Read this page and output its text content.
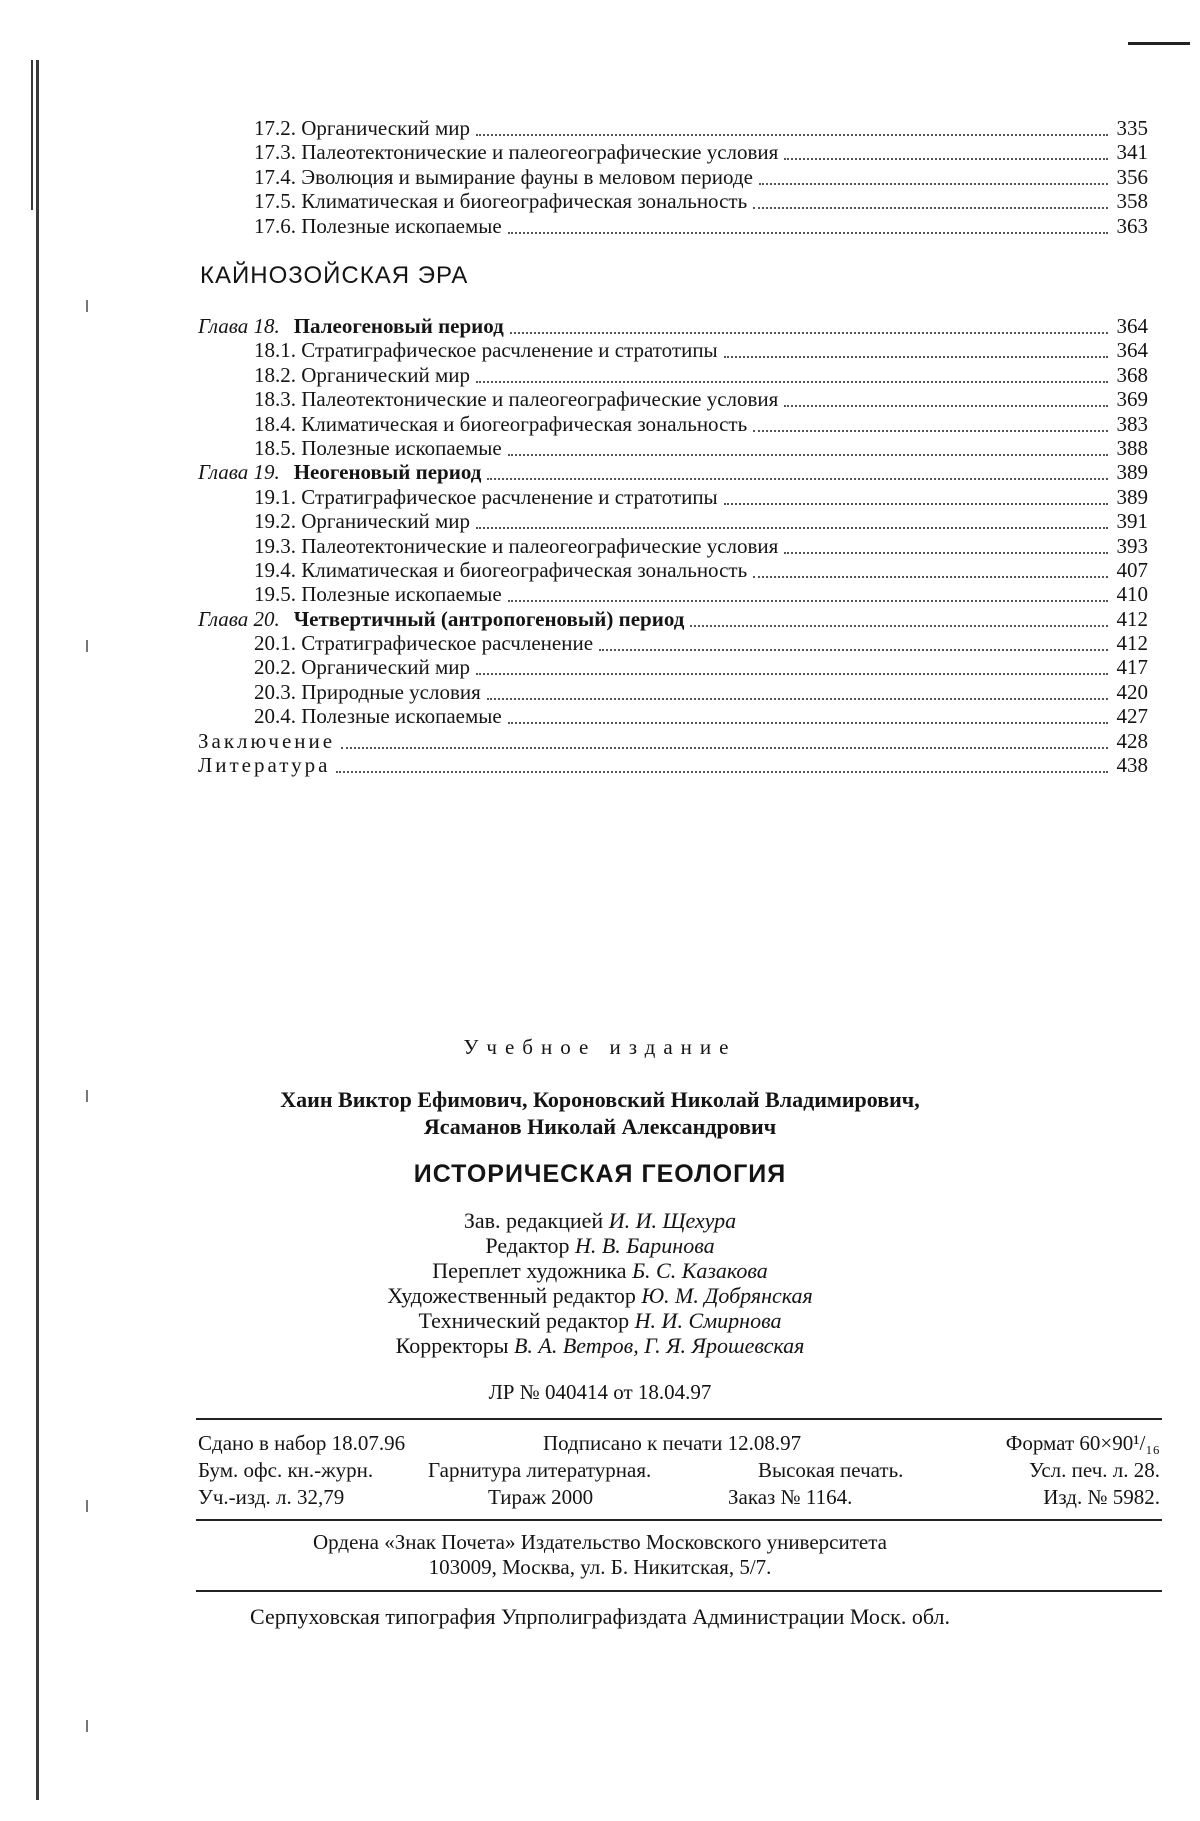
17.2. Органический мир	335
17.3. Палеотектонические и палеогеографические условия	341
17.4. Эволюция и вымирание фауны в меловом периоде	356
17.5. Климатическая и биогеографическая зональность	358
17.6. Полезные ископаемые	363
КАЙНОЗОЙСКАЯ ЭРА
Глава 18. Палеогеновый период	364
18.1. Стратиграфическое расчленение и стратотипы	364
18.2. Органический мир	368
18.3. Палеотектонические и палеогеографические условия	369
18.4. Климатическая и биогеографическая зональность	383
18.5. Полезные ископаемые	388
Глава 19. Неогеновый период	389
19.1. Стратиграфическое расчленение и стратотипы	389
19.2. Органический мир	391
19.3. Палеотектонические и палеогеографические условия	393
19.4. Климатическая и биогеографическая зональность	407
19.5. Полезные ископаемые	410
Глава 20. Четвертичный (антропогеновый) период	412
20.1. Стратиграфическое расчленение	412
20.2. Органический мир	417
20.3. Природные условия	420
20.4. Полезные ископаемые	427
Заключение	428
Литература	438
Учебное издание
Хаин Виктор Ефимович, Короновский Николай Владимирович,
Ясаманов Николай Александрович
ИСТОРИЧЕСКАЯ ГЕОЛОГИЯ
Зав. редакцией И. И. Щехура
Редактор Н. В. Баринова
Переплет художника Б. С. Казакова
Художественный редактор Ю. М. Добрянская
Технический редактор Н. И. Смирнова
Корректоры В. А. Ветров, Г. Я. Ярошевская
ЛР № 040414 от 18.04.97
Сдано в набор 18.07.96	Подписано к печати 12.08.97	Формат 60×90¹/₁₆
Бум. офс. кн.-журн.	Гарнитура литературная.	Высокая печать.	Усл. печ. л. 28.
Уч.-изд. л. 32,79	Тираж 2000	Заказ № 1164.	Изд. № 5982.
Ордена «Знак Почета» Издательство Московского университета
103009, Москва, ул. Б. Никитская, 5/7.
Серпуховская типография Упрполиграфиздата Администрации Моск. обл.
